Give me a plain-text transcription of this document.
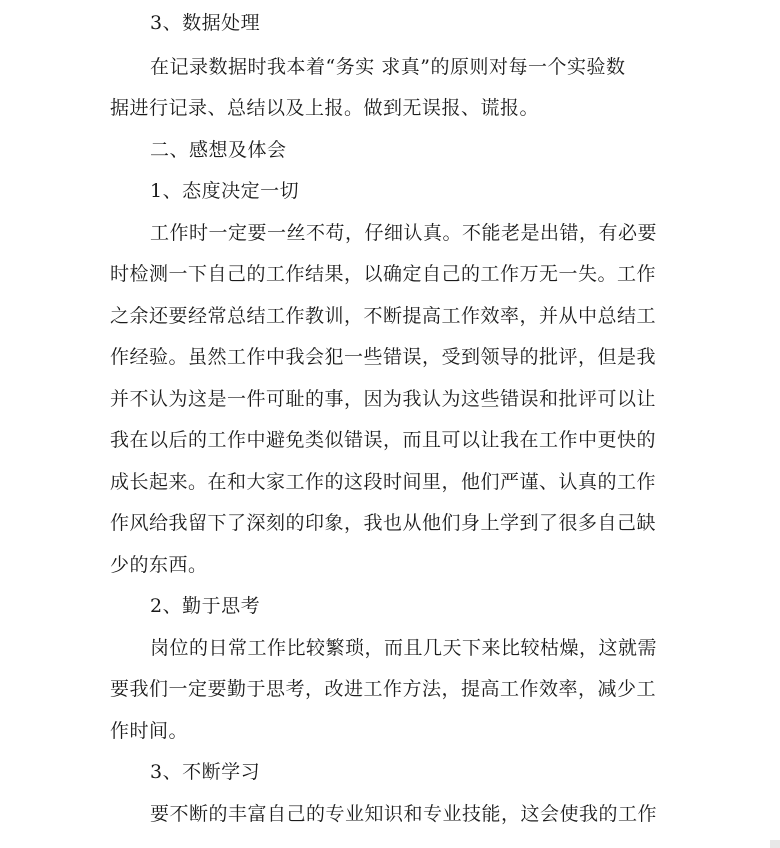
3、数据处理
在记录数据时我本着“务实 求真”的原则对每一个实验数
据进行记录、总结以及上报。做到无误报、谎报。
二、感想及体会
1、态度决定一切
工作时一定要一丝不苟，仔细认真。不能老是出错，有必要
时检测一下自己的工作结果，以确定自己的工作万无一失。工作
之余还要经常总结工作教训，不断提高工作效率，并从中总结工
作经验。虽然工作中我会犯一些错误，受到领导的批评，但是我
并不认为这是一件可耻的事，因为我认为这些错误和批评可以让
我在以后的工作中避免类似错误，而且可以让我在工作中更快的
成长起来。在和大家工作的这段时间里，他们严谨、认真的工作
作风给我留下了深刻的印象，我也从他们身上学到了很多自己缺
少的东西。
2、勤于思考
岗位的日常工作比较繁琐，而且几天下来比较枯燥，这就需
要我们一定要勤于思考，改进工作方法，提高工作效率，减少工
作时间。
3、不断学习
要不断的丰富自己的专业知识和专业技能，这会使我的工作
